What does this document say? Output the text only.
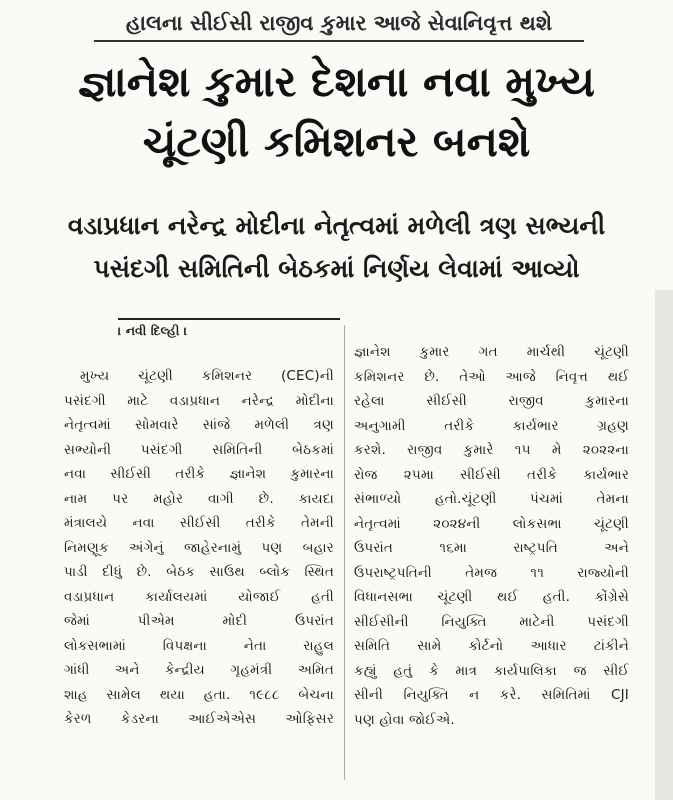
હાલના સીઈસી રાજીવ કુમાર આજે સેવાનિવૃત્ત થશે
જ્ઞાનેશ કુમાર દેશના નવા મુખ્ય
ચૂંટણી કમિશનર બનશે
વડાપ્રધાન નરેન્દ્ર મોદીના નેતૃત્વમાં મળેલી ત્રણ સભ્યની
પસંદગી સમિતિની બેઠકમાં નિર્ણય લેવામાં આવ્યો
। નવી દિલ્હી ।
મુખ્ય ચૂંટણી કમિશનર (CEC)ની
પસંદગી માટે વડાપ્રધાન નરેન્દ્ર મોદીના
નેતૃત્વમાં સોમવારે સાંજે મળેલી ત્રણ
સભ્યોની પસંદગી સમિતિની બેઠકમાં
નવા સીઈસી તરીકે જ્ઞાનેશ કુમારના
નામ પર મહોર વાગી છે. કાયદા
મંત્રાલયે નવા સીઈસી તરીકે તેમની
નિમણૂક અંગેનું જાહેરનામું પણ બહાર
પાડી દીધું છે. બેઠક સાઉથ બ્લોક સ્થિત
વડાપ્રધાન કાર્યાલયમાં યોજાઈ હતી
જેમાં પીએમ મોદી ઉપરાંત
લોકસભામાં વિપક્ષના નેતા રાહુલ
ગાંધી અને કેન્દ્રીય ગૃહમંત્રી અમિત
શાહ સામેલ થયા હતા. ૧૯૮૮ બેચના
કેરળ કેડરના આઈએએસ ઓફિસર
જ્ઞાનેશ કુમાર ગત માર્ચથી ચૂંટણી
કમિશનર છે. તેઓ આજે નિવૃત્ત થઈ
રહેલા સીઈસી રાજીવ કુમારના
અનુગામી તરીકે કાર્યભાર ગ્રહણ
કરશે. રાજીવ કુમારે ૧૫ મે ૨૦૨૨ના
રોજ ૨૫મા સીઈસી તરીકે કાર્યભાર
સંભાળ્યો હતો.ચૂંટણી પંચમાં તેમના
નેતૃત્વમાં ૨૦૨૪ની લોકસભા ચૂંટણી
ઉપરાંત ૧૬મા રાષ્ટ્રપતિ અને
ઉપરાષ્ટ્રપતિની તેમજ ૧૧ રાજ્યોની
વિધાનસભા ચૂંટણી થઈ હતી. કોંગ્રેસે
સીઈસીની નિયુક્તિ માટેની પસંદગી
સમિતિ સામે કોર્ટનો આધાર ટાંકીને
કહ્યું હતું કે માત્ર કાર્યપાલિકા જ સીઈ
સીની નિયુક્તિ ન કરે. સમિતિમાં CJI
પણ હોવા જોઈએ.
